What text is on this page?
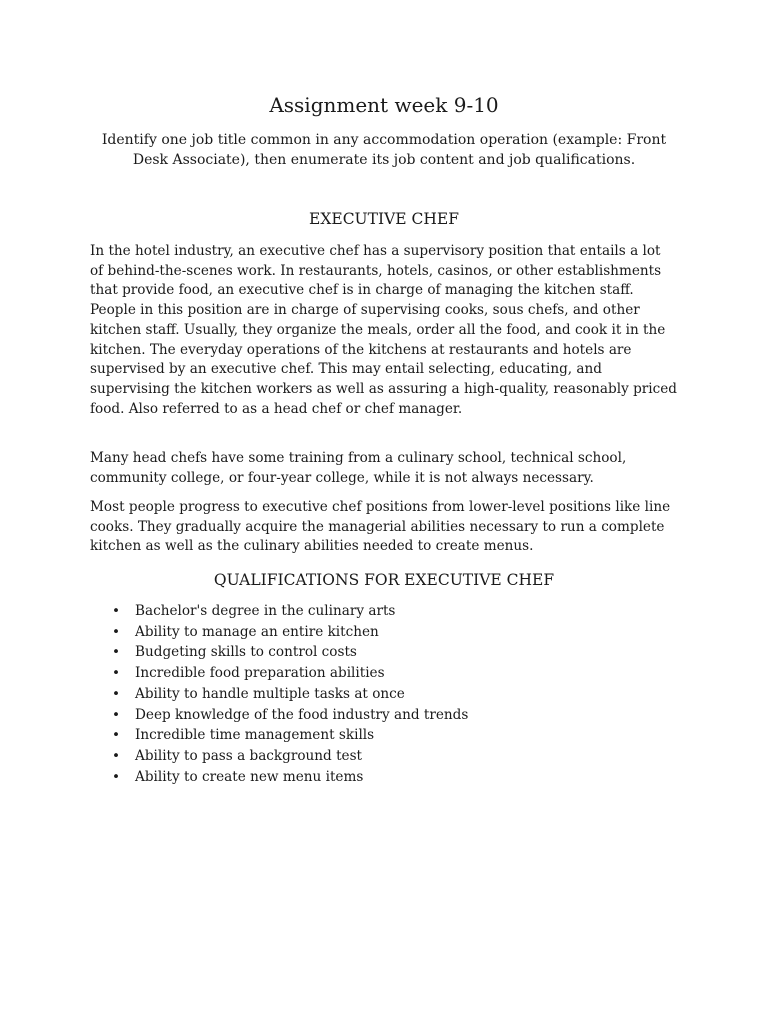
Assignment week 9-10
Identify one job title common in any accommodation operation (example: Front Desk Associate), then enumerate its job content and job qualifications.
EXECUTIVE CHEF

In the hotel industry, an executive chef has a supervisory position that entails a lot of behind-the-scenes work. In restaurants, hotels, casinos, or other establishments that provide food, an executive chef is in charge of managing the kitchen staff. People in this position are in charge of supervising cooks, sous chefs, and other kitchen staff. Usually, they organize the meals, order all the food, and cook it in the kitchen. The everyday operations of the kitchens at restaurants and hotels are supervised by an executive chef. This may entail selecting, educating, and supervising the kitchen workers as well as assuring a high-quality, reasonably priced food. Also referred to as a head chef or chef manager.

Many head chefs have some training from a culinary school, technical school, community college, or four-year college, while it is not always necessary.

Most people progress to executive chef positions from lower-level positions like line cooks. They gradually acquire the managerial abilities necessary to run a complete kitchen as well as the culinary abilities needed to create menus.

QUALIFICATIONS FOR EXECUTIVE CHEF
• Bachelor's degree in the culinary arts
• Ability to manage an entire kitchen
• Budgeting skills to control costs
• Incredible food preparation abilities
• Ability to handle multiple tasks at once
• Deep knowledge of the food industry and trends
• Incredible time management skills
• Ability to pass a background test
• Ability to create new menu items
